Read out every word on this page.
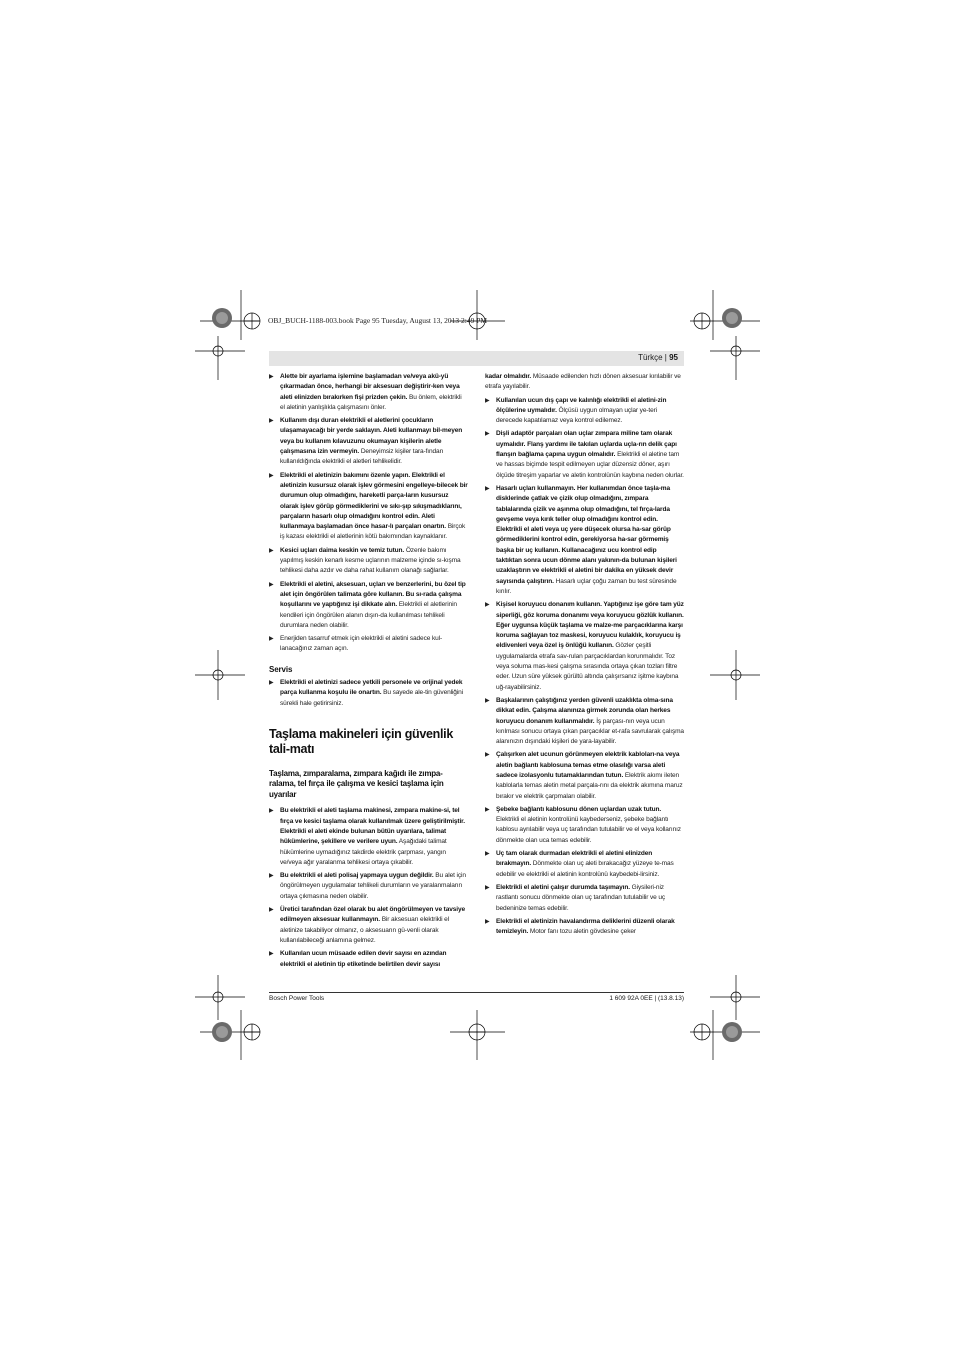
OBJ_BUCH-1188-003.book Page 95 Tuesday, August 13, 2013 2:49 PM
Türkçe | 95
▶ Alette bir ayarlama işlemine başlamadan ve/veya akü-yü çıkarmadan önce, herhangi bir aksesuarı değiştirir-ken veya aleti elinizden bırakırken fişi prizden çekin. Bu önlem, elektrikli el aletinin yanlışlıkla çalışmasını önler.
▶ Kullanım dışı duran elektrikli el aletlerini çocukların ulaşamayacağı bir yerde saklayın. Aleti kullanmayı bil-meyen veya bu kullanım kılavuzunu okumayan kişilerin aletle çalışmasına izin vermeyin. Deneyimsiz kişiler tara-fından kullanıldığında elektrikli el aletleri tehlikelidir.
▶ Elektrikli el aletinizin bakımını özenle yapın. Elektrikli el aletinizin kusursuz olarak işlev görmesini engelleye-bilecek bir durumun olup olmadığını, hareketli parça-ların kusursuz olarak işlev görüp görmediklerini ve sıkı-şıp sıkışmadıklarını, parçaların hasarlı olup olmadığını kontrol edin. Aleti kullanmaya başlamadan önce hasar-lı parçaları onartın. Birçok iş kazası elektrikli el aletlerinin kötü bakımından kaynaklanır.
▶ Kesici uçları daima keskin ve temiz tutun. Özenle bakımı yapılmış keskin kenarlı kesme uçlarının malzeme içinde sı-kışma tehlikesi daha azdır ve daha rahat kullanım olanağı sağlarlar.
▶ Elektrikli el aletini, aksesuarı, uçları ve benzerlerini, bu özel tip alet için öngörülen talimata göre kullanın. Bu sı-rada çalışma koşullarını ve yaptığınız işi dikkate alın. Elektrikli el aletlerinin kendileri için öngörülen alanın dışın-da kullanılması tehlikeli durumlara neden olabilir.
▶ Enerjiden tasarruf etmek için elektrikli el aletini sadece kul-lanacağınız zaman açın.
Servis
▶ Elektrikli el aletinizi sadece yetkili personele ve orijinal yedek parça kullanma koşulu ile onartın. Bu sayede ale-tin güvenliğini sürekli hale getirirsiniz.
Taşlama makineleri için güvenlik tali-matı
Taşlama, zımparalama, zımpara kağıdı ile zımpa-ralama, tel fırça ile çalışma ve kesici taşlama için uyarılar
▶ Bu elektrikli el aleti taşlama makinesi, zımpara makine-si, tel fırça ve kesici taşlama olarak kullanılmak üzere geliştirilmiştir. Elektrikli el aleti ekinde bulunan bütün uyarılara, talimat hükümlerine, şekillere ve verilere uyun. Aşağıdaki talimat hükümlerine uymadığınız takdirde elektrik çarpması, yangın ve/veya ağır yaralanma tehlikesi ortaya çıkabilir.
▶ Bu elektrikli el aleti polisaj yapmaya uygun değildir. Bu alet için öngörülmeyen uygulamalar tehlikeli durumların ve yaralanmaların ortaya çıkmasına neden olabilir.
▶ Üretici tarafından özel olarak bu alet öngörülmeyen ve tavsiye edilmeyen aksesuar kullanmayın. Bir aksesuarı elektrikli el aletinize takabiliyor olmanız, o aksesuarın gü-venli olarak kullanılabileceği anlamına gelmez.
▶ Kullanılan ucun müsaade edilen devir sayısı en azından elektrikli el aletinin tip etiketinde belirtilen devir sayısı
kadar olmalıdır. Müsaade edilenden hızlı dönen aksesuar kırılabilir ve etrafa yayılabilir.
▶ Kullanılan ucun dış çapı ve kalınlığı elektrikli el aletini-zin ölçülerine uymalıdır. Ölçüsü uygun olmayan uçlar ye-teri derecede kapatılamaz veya kontrol edilemez.
▶ Dişli adaptör parçaları olan uçlar zımpara miline tam olarak uymalıdır. Flanş yardımı ile takılan uçlarda uçla-rın delik çapı flanşın bağlama çapına uygun olmalıdır. Elektrikli el aletine tam ve hassas biçimde tespit edilmeyen uçlar düzensiz döner, aşırı ölçüde titreşim yaparlar ve aletin kontrolünün kaybına neden olurlar.
▶ Hasarlı uçları kullanmayın. Her kullanımdan önce taşla-ma disklerinde çatlak ve çizik olup olmadığını, zımpara tablalarında çizik ve aşınma olup olmadığını, tel fırça-larda gevşeme veya kırık teller olup olmadığını kontrol edin. Elektrikli el aleti veya uç yere düşecek olursa ha-sar görüp görmediklerini kontrol edin, gerekiyorsa ha-sar görmemiş başka bir uç kullanın. Kullanacağınız ucu kontrol edip taktıktan sonra ucun dönme alanı yakının-da bulunan kişileri uzaklaştırın ve elektrikli el aletini bir dakika en yüksek devir sayısında çalıştırın. Hasarlı uçlar çoğu zaman bu test süresinde kırılır.
▶ Kişisel koruyucu donanım kullanın. Yaptığınız işe göre tam yüz siperliği, göz koruma donanımı veya koruyucu gözlük kullanın. Eğer uygunsa küçük taşlama ve malze-me parçacıklarına karşı koruma sağlayan toz maskesi, koruyucu kulaklık, koruyucu iş eldivenleri veya özel iş önlüğü kullanın. Gözler çeşitli uygulamalarda etrafa sav-rulan parçacıklardan korunmalıdır. Toz veya soluma mas-kesi çalışma sırasında ortaya çıkan tozları filtre eder. Uzun süre yüksek gürültü altında çalışırsanız işitme kaybına uğ-rayabilirsiniz.
▶ Başkalarının çalıştığınız yerden güvenli uzaklıkta olma-sına dikkat edin. Çalışma alanınıza girmek zorunda olan herkes koruyucu donanım kullanmalıdır. İş parçası-nın veya ucun kırılması sonucu ortaya çıkan parçacıklar et-rafa savrularak çalışma alanınızın dışındaki kişileri de yara-layabilir.
▶ Çalışırken alet ucunun görünmeyen elektrik kabloları-na veya aletin bağlantı kablosuna temas etme olasılığı varsa aleti sadece izolasyonlu tutamaklarından tutun. Elektrik akımı ileten kablolarla temas aletin metal parçala-rını da elektrik akımına maruz bırakır ve elektrik çarpmaları olabilir.
▶ Şebeke bağlantı kablosunu dönen uçlardan uzak tutun. Elektrikli el aletinin kontrolünü kaybederseniz, şebeke bağlantı kablosu ayrılabilir veya uç tarafından tutulabilir ve el veya kollarınız dönmekte olan uca temas edebilir.
▶ Uç tam olarak durmadan elektrikli el aletini elinizden bırakmayın. Dönmekte olan uç aleti bırakacağız yüzeye te-mas edebilir ve elektrikli el aletinin kontrolünü kaybedebi-lirsiniz.
▶ Elektrikli el aletini çalışır durumda taşımayın. Giysileri-niz rastlantı sonucu dönmekte olan uç tarafından tutulabilir ve uç bedeninize temas edebilir.
▶ Elektrikli el aletinizin havalandırma deliklerini düzenli olarak temizleyin. Motor fanı tozu aletin gövdesine çeker
Bosch Power Tools	1 609 92A 0EE | (13.8.13)
